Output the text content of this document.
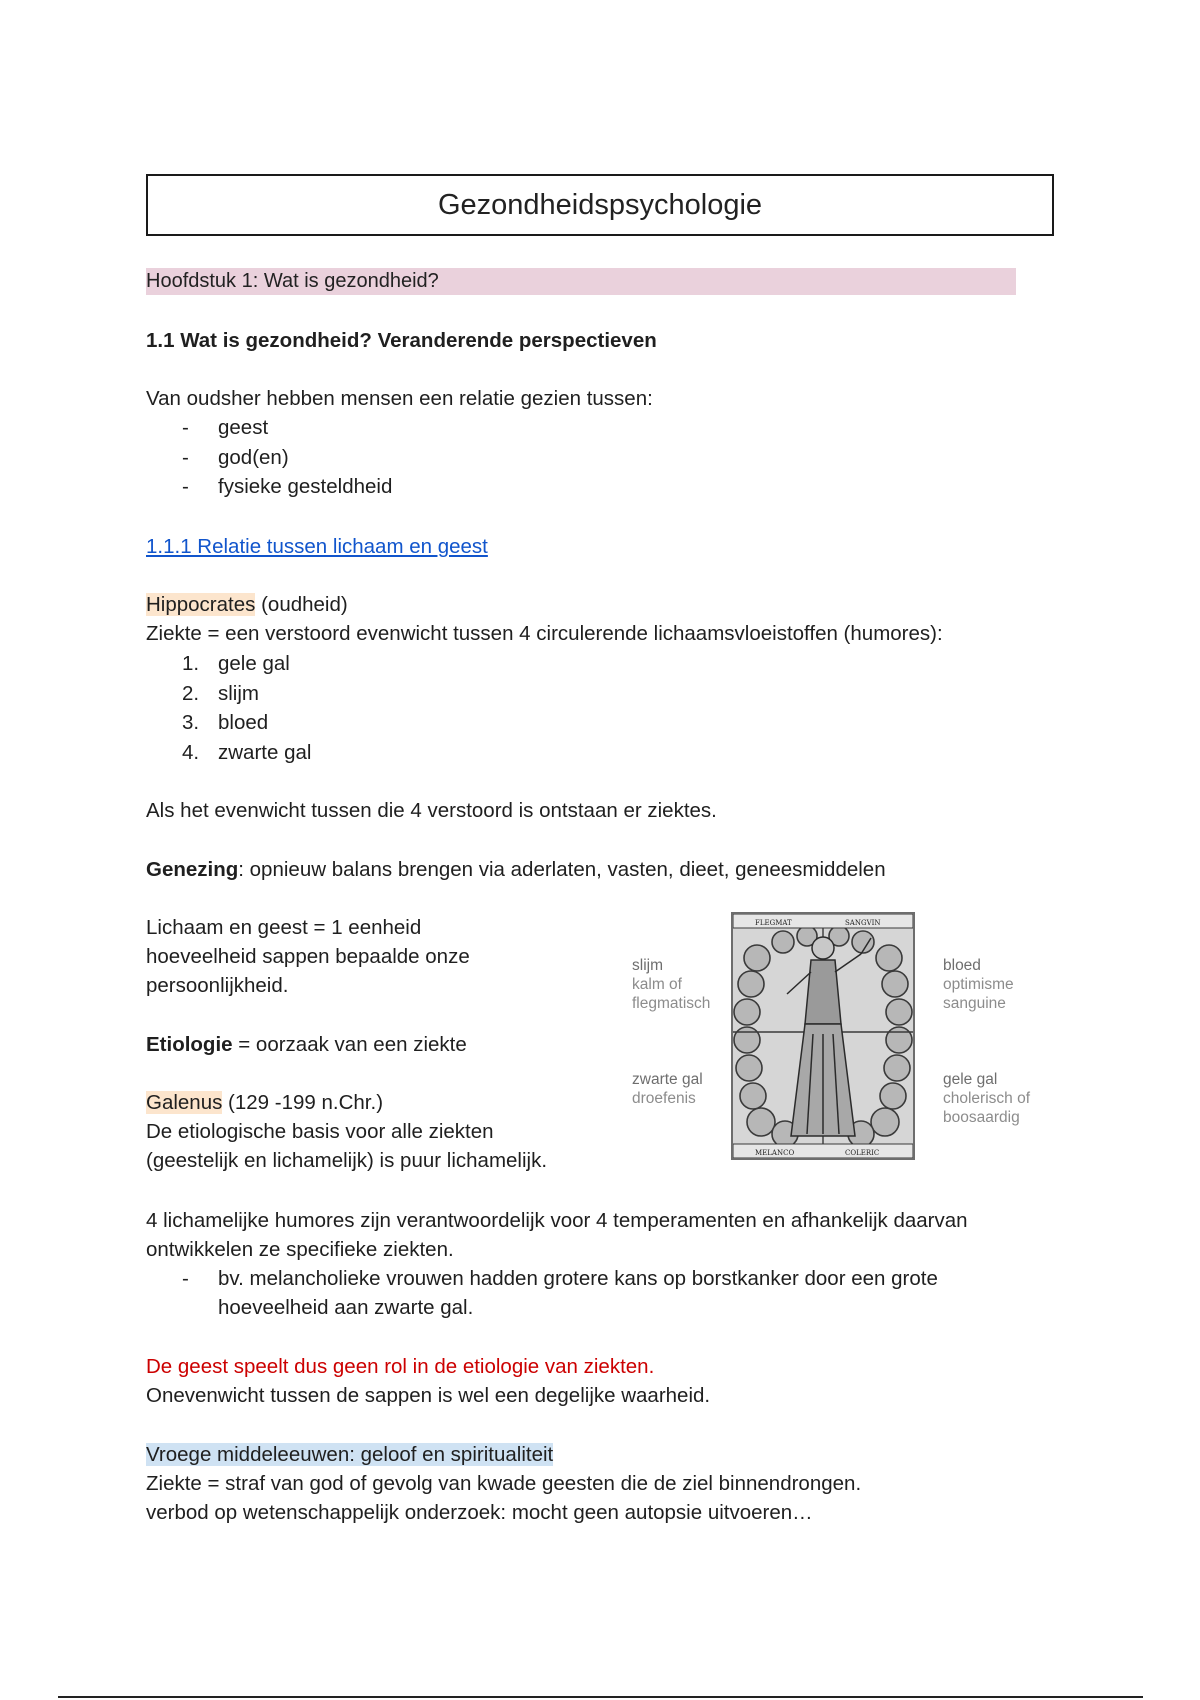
Gezondheidspsychologie
Hoofdstuk 1: Wat is gezondheid?
1.1 Wat is gezondheid? Veranderende perspectieven
Van oudsher hebben mensen een relatie gezien tussen:
- geest
- god(en)
- fysieke gesteldheid
1.1.1 Relatie tussen lichaam en geest
Hippocrates (oudheid)
Ziekte = een verstoord evenwicht tussen 4 circulerende lichaamsvloeistoffen (humores):
1. gele gal
2. slijm
3. bloed
4. zwarte gal
Als het evenwicht tussen die 4 verstoord is ontstaan er ziektes.
Genezing: opnieuw balans brengen via aderlaten, vasten, dieet, geneesmiddelen
Lichaam en geest = 1 eenheid
hoeveelheid sappen bepaalde onze
persoonlijkheid.
Etiologie = oorzaak van een ziekte
Galenus (129 -199 n.Chr.)
De etiologische basis voor alle ziekten
(geestelijk en lichamelijk) is puur lichamelijk.
slijm
kalm of
flegmatisch
zwarte gal
droefenis
bloed
optimisme
sanguine
gele gal
cholerisch of
boosaardig
FLEGMAT	SANGVIN
MELANCO	COLERIC
4 lichamelijke humores zijn verantwoordelijk voor 4 temperamenten en afhankelijk daarvan
ontwikkelen ze specifieke ziekten.
- bv. melancholieke vrouwen hadden grotere kans op borstkanker door een grote
hoeveelheid aan zwarte gal.
De geest speelt dus geen rol in de etiologie van ziekten.
Onevenwicht tussen de sappen is wel een degelijke waarheid.
Vroege middeleeuwen: geloof en spiritualiteit
Ziekte = straf van god of gevolg van kwade geesten die de ziel binnendrongen.
verbod op wetenschappelijk onderzoek: mocht geen autopsie uitvoeren…
